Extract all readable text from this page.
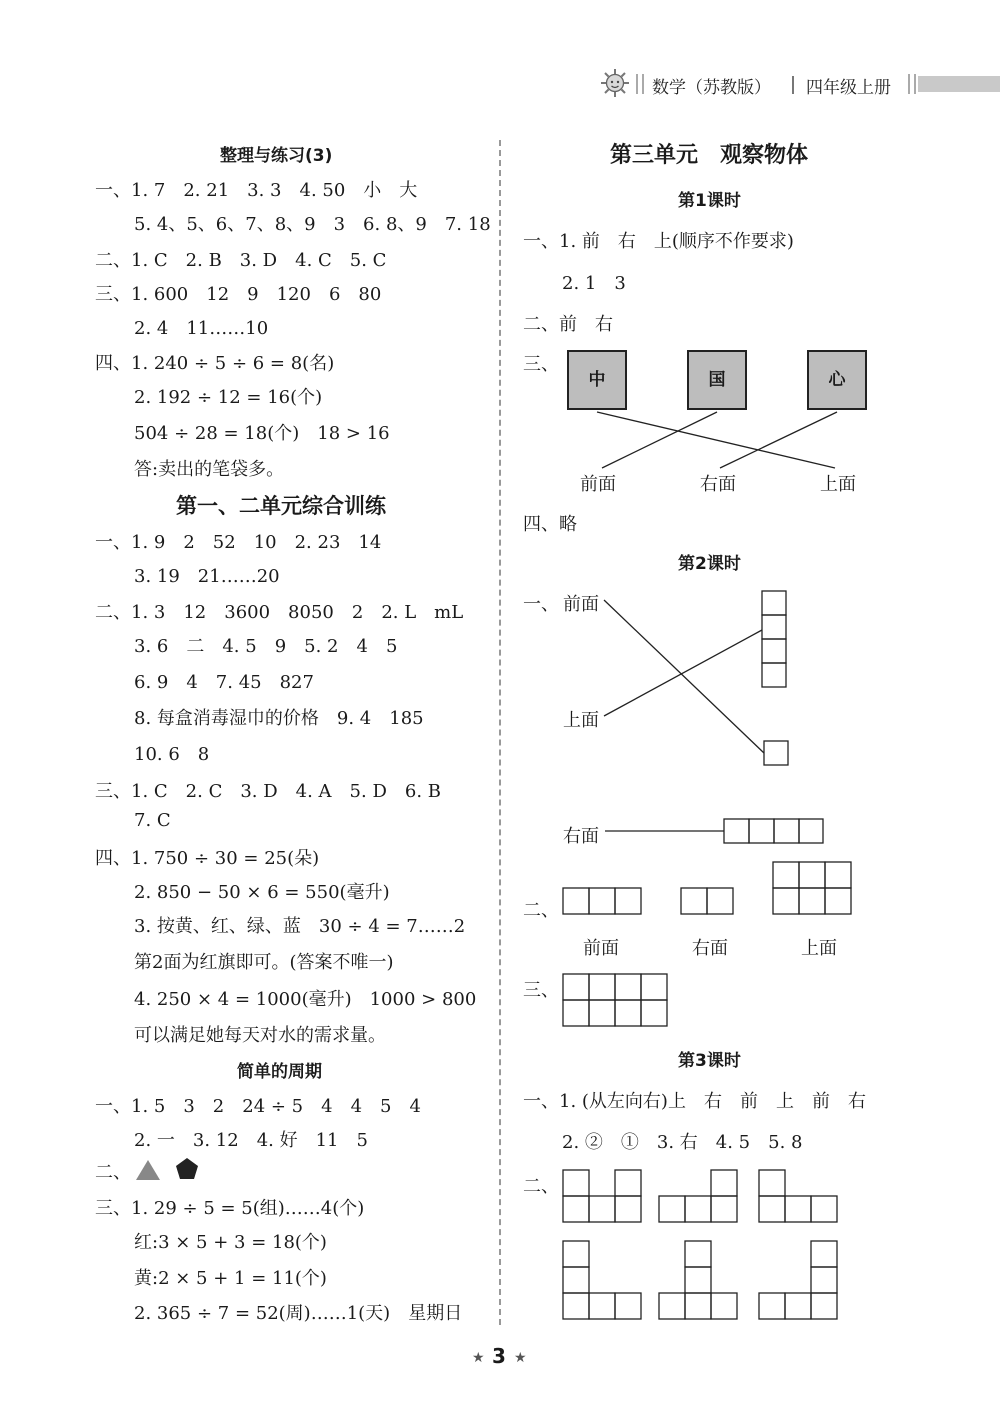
数学（苏教版） 四年级上册
整理与练习(3)
一、1. 7　2. 21　3. 3　4. 50　小　大
5. 4、5、6、7、8、9　3　6. 8、9　7. 18
二、1. C　2. B　3. D　4. C　5. C
三、1. 600　12　9　120　6　80
2. 4　11……10
四、1. 240 ÷ 5 ÷ 6 = 8(名)
2. 192 ÷ 12 = 16(个)
504 ÷ 28 = 18(个)　18 > 16
答:卖出的笔袋多。
第一、二单元综合训练
一、1. 9　2　52　10　2. 23　14
3. 19　21……20
二、1. 3　12　3600　8050　2　2. L　mL
3. 6　二　4. 5　9　5. 2　4　5
6. 9　4　7. 45　827
8. 每盒消毒湿巾的价格　9. 4　185
10. 6　8
三、1. C　2. C　3. D　4. A　5. D　6. B
7. C
四、1. 750 ÷ 30 = 25(朵)
2. 850 − 50 × 6 = 550(毫升)
3. 按黄、红、绿、蓝　30 ÷ 4 = 7……2
第2面为红旗即可。(答案不唯一)
4. 250 × 4 = 1000(毫升)　1000 > 800
可以满足她每天对水的需求量。
简单的周期
一、1. 5　3　2　24 ÷ 5　4　4　5　4
2. 一　3. 12　4. 好　11　5
二、

三、1. 29 ÷ 5 = 5(组)……4(个)
红:3 × 5 + 3 = 18(个)
黄:2 × 5 + 1 = 11(个)
2. 365 ÷ 7 = 52(周)……1(天)　星期日
第三单元　观察物体
第1课时
一、1. 前　右　上(顺序不作要求)
2. 1　3
二、前　右
三、
中	国	心
前面	右面	上面
四、略
第2课时
一、 前面
上面
右面
二、
前面	右面	上面
三、
第3课时
一、1. (从左向右)上　右　前　上　前　右
2. ②　①　3. 右　4. 5　5. 8
二、
★ 3 ★
